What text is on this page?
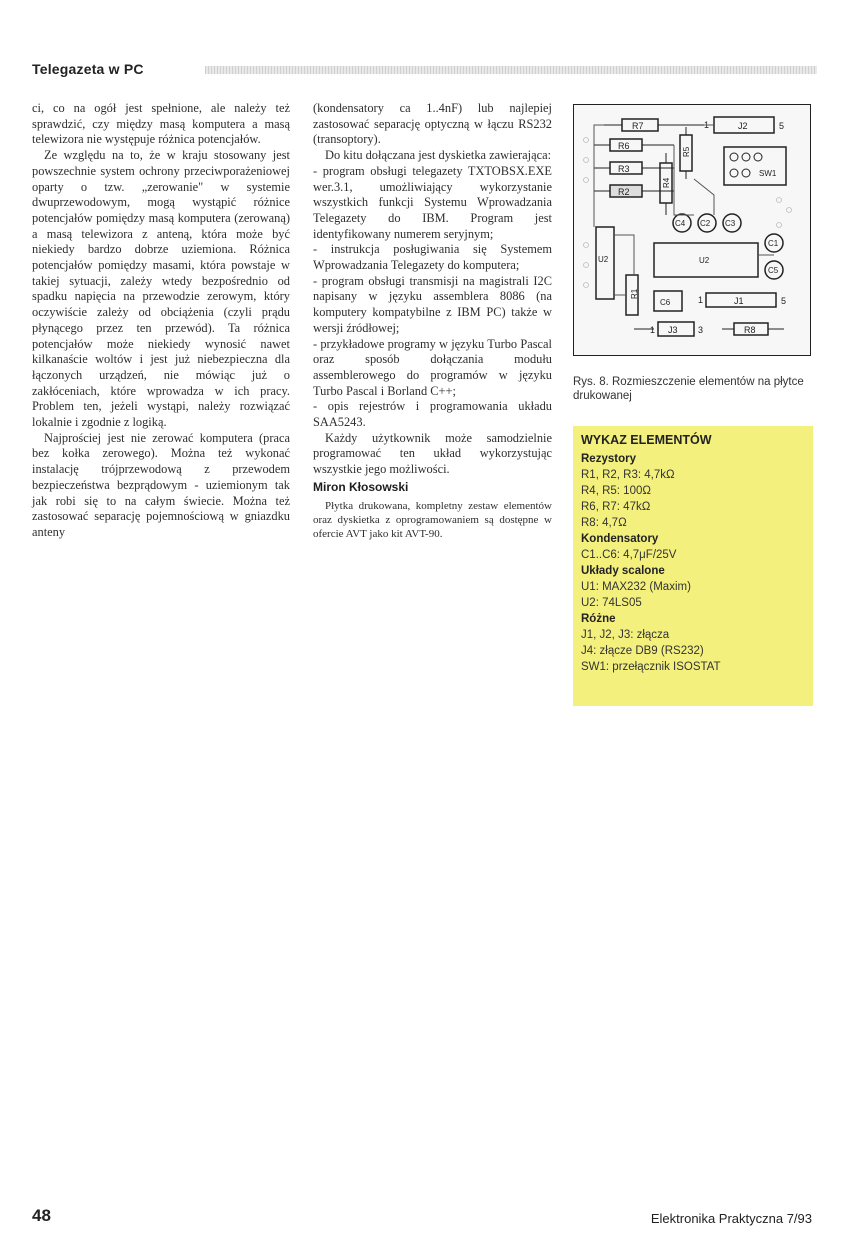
Telegazeta w PC

ci, co na ogół jest spełnione, ale należy też sprawdzić, czy między masą komputera a masą telewizora nie występuje różnica potencjałów.

Ze względu na to, że w kraju stosowany jest powszechnie system ochrony przeciwporażeniowej oparty o tzw. „zerowanie" w systemie dwuprzewodowym, mogą wystąpić różnice potencjałów pomiędzy masą komputera (zerowaną) a masą telewizora z anteną, która może być niekiedy bardzo dobrze uziemiona. Różnica potencjałów pomiędzy masami, która powstaje w takiej sytuacji, zależy wtedy bezpośrednio od spadku napięcia na przewodzie zerowym, który oczywiście zależy od obciążenia (czyli prądu płynącego przez ten przewód). Ta różnica potencjałów może niekiedy wynosić nawet kilkanaście woltów i jest już niebezpieczna dla łączonych urządzeń, nie mówiąc już o zakłóceniach, które wprowadza w ich pracy. Problem ten, jeżeli wystąpi, należy rozwiązać lokalnie i zgodnie z logiką.

Najprościej jest nie zerować komputera (praca bez kołka zerowego). Można też wykonać instalację trójprzewodową z przewodem bezpieczeństwa bezprądowym - uziemionym tak jak robi się to na całym świecie. Można też zastosować separację pojemnościową w gniazdku anteny

(kondensatory ca 1..4nF) lub najlepiej zastosować separację optyczną w łączu RS232 (transoptory).

Do kitu dołączana jest dyskietka zawierająca:

- program obsługi telegazety TXTOBSX.EXE wer.3.1, umożliwiający wykorzystanie wszystkich funkcji Systemu Wprowadzania Telegazety do IBM. Program jest identyfikowany numerem seryjnym;

- instrukcja posługiwania się Systemem Wprowadzania Telegazety do komputera;

- program obsługi transmisji na magistrali I2C napisany w języku assemblera 8086 (na komputery kompatybilne z IBM PC) także w wersji źródłowej;

- przykładowe programy w języku Turbo Pascal oraz sposób dołączania modułu assemblerowego do programów w języku Turbo Pascal i Borland C++;

- opis rejestrów i programowania układu SAA5243.

Każdy użytkownik może samodzielnie programować ten układ wykorzystując wszystkie jego możliwości.

Miron Kłosowski

Płytka drukowana, kompletny zestaw elementów oraz dyskietka z oprogramowaniem są dostępne w ofercie AVT jako kit AVT-90.

R7
R6
R3
R2
R4
R5
1	J2	5
SW1
C4 C2 C3
C1
C5
U2	U2
R1
C6	1	J1	5
1 J3 3	R8
Rys. 8. Rozmieszczenie elementów na płytce drukowanej
WYKAZ ELEMENTÓW
Rezystory
R1, R2, R3: 4,7kΩ
R4, R5: 100Ω
R6, R7: 47kΩ
R8: 4,7Ω
Kondensatory
C1..C6: 4,7μF/25V
Układy scalone
U1: MAX232 (Maxim)
U2: 74LS05
Różne
J1, J2, J3: złącza
J4: złącze DB9 (RS232)
SW1: przełącznik ISOSTAT
48	Elektronika Praktyczna 7/93
